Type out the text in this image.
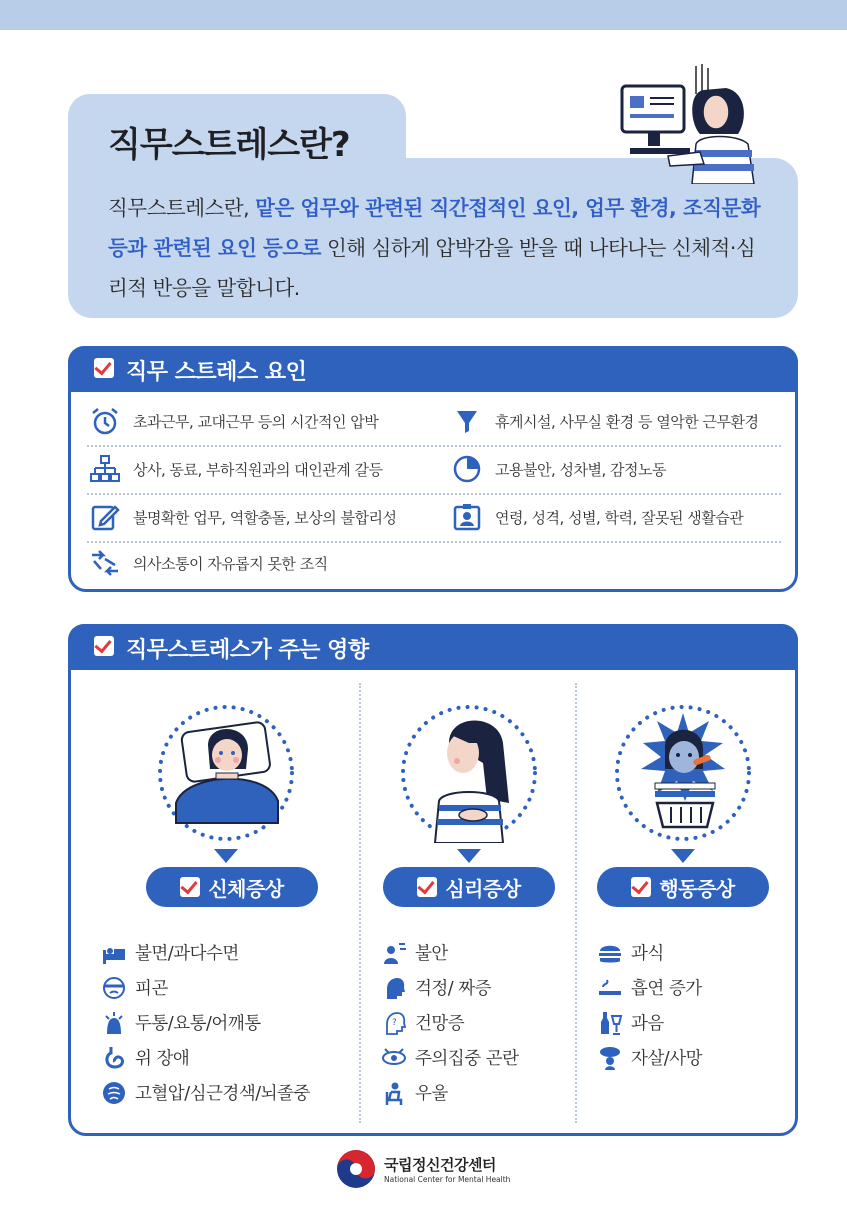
직무스트레스란?
직무스트레스란, 맡은 업무와 관련된 직간접적인 요인, 업무 환경, 조직문화 등과 관련된 요인 등으로 인해 심하게 압박감을 받을 때 나타나는 신체적·심리적 반응을 말합니다.
직무 스트레스 요인
초과근무, 교대근무 등의 시간적인 압박	휴게시설, 사무실 환경 등 열악한 근무환경
상사, 동료, 부하직원과의 대인관계 갈등	고용불안, 성차별, 감정노동
불명확한 업무, 역할충돌, 보상의 불합리성	연령, 성격, 성별, 학력, 잘못된 생활습관
의사소통이 자유롭지 못한 조직
직무스트레스가 주는 영향
신체증상	심리증상	행동증상
불면/과다수면
피곤
두통/요통/어깨통
위 장애
고혈압/심근경색/뇌졸중
불안
걱정/ 짜증
? 건망증
주의집중 곤란
우울
과식
흡연 증가
과음
자살/사망
국립정신건강센터
National Center for Mental Health
